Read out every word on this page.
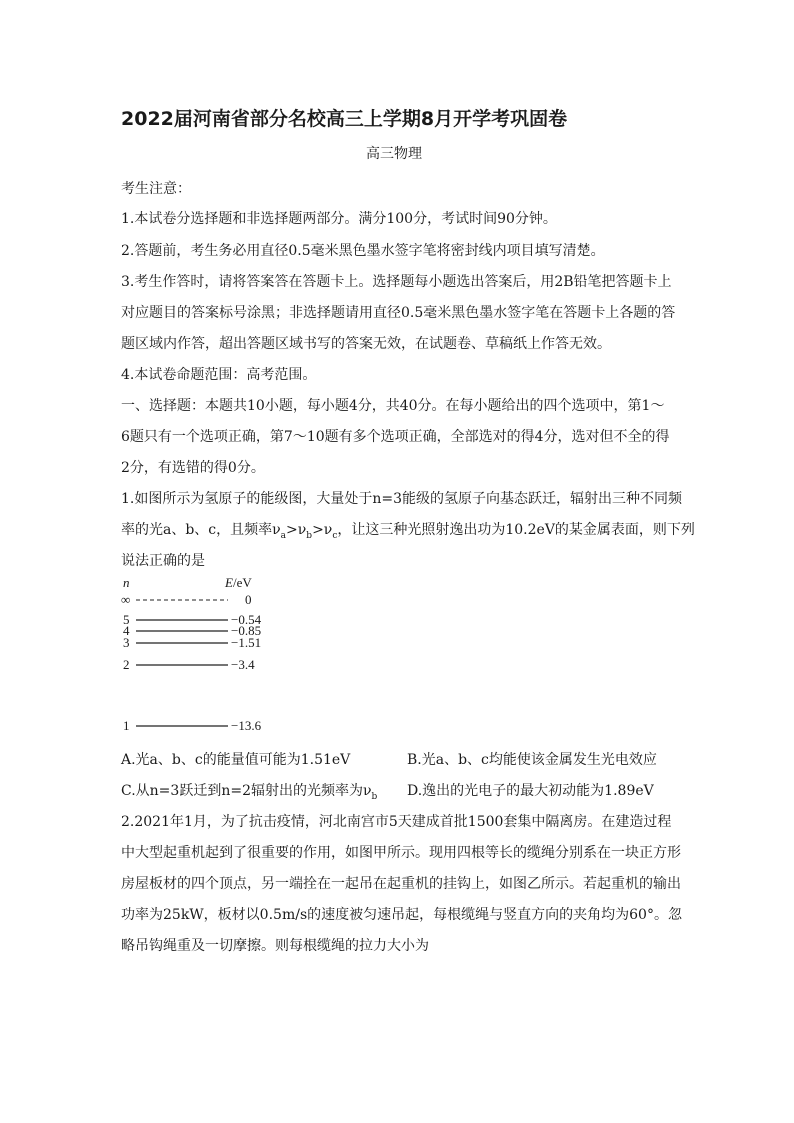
2022届河南省部分名校高三上学期8月开学考巩固卷
高三物理
考生注意：
1.本试卷分选择题和非选择题两部分。满分100分，考试时间90分钟。
2.答题前，考生务必用直径0.5毫米黑色墨水签字笔将密封线内项目填写清楚。
3.考生作答时，请将答案答在答题卡上。选择题每小题选出答案后，用2B铅笔把答题卡上
对应题目的答案标号涂黑；非选择题请用直径0.5毫米黑色墨水签字笔在答题卡上各题的答
题区域内作答，超出答题区域书写的答案无效，在试题卷、草稿纸上作答无效。
4.本试卷命题范围：高考范围。
一、选择题：本题共10小题，每小题4分，共40分。在每小题给出的四个选项中，第1～
6题只有一个选项正确，第7～10题有多个选项正确，全部选对的得4分，选对但不全的得
2分，有选错的得0分。
1.如图所示为氢原子的能级图，大量处于n=3能级的氢原子向基态跃迁，辐射出三种不同频
率的光a、b、c，且频率$\nu_a>\nu_b>\nu_c$，让这三种光照射逸出功为10.2eV的某金属表面，则下列
说法正确的是
n	E/eV
∞	0
5	−0.54
4	−0.85
3	−1.51
2	−3.4
1	−13.6
A.光a、b、c的能量值可能为1.51eV	B.光a、b、c均能使该金属发生光电效应
C.从n=3跃迁到n=2辐射出的光频率为$\nu_b$ D.逸出的光电子的最大初动能为1.89eV
2.2021年1月，为了抗击疫情，河北南宫市5天建成首批1500套集中隔离房。在建造过程
中大型起重机起到了很重要的作用，如图甲所示。现用四根等长的缆绳分别系在一块正方形
房屋板材的四个顶点，另一端拴在一起吊在起重机的挂钩上，如图乙所示。若起重机的输出
功率为25kW，板材以0.5m/s的速度被匀速吊起，每根缆绳与竖直方向的夹角均为60°。忽
略吊钩绳重及一切摩擦。则每根缆绳的拉力大小为
